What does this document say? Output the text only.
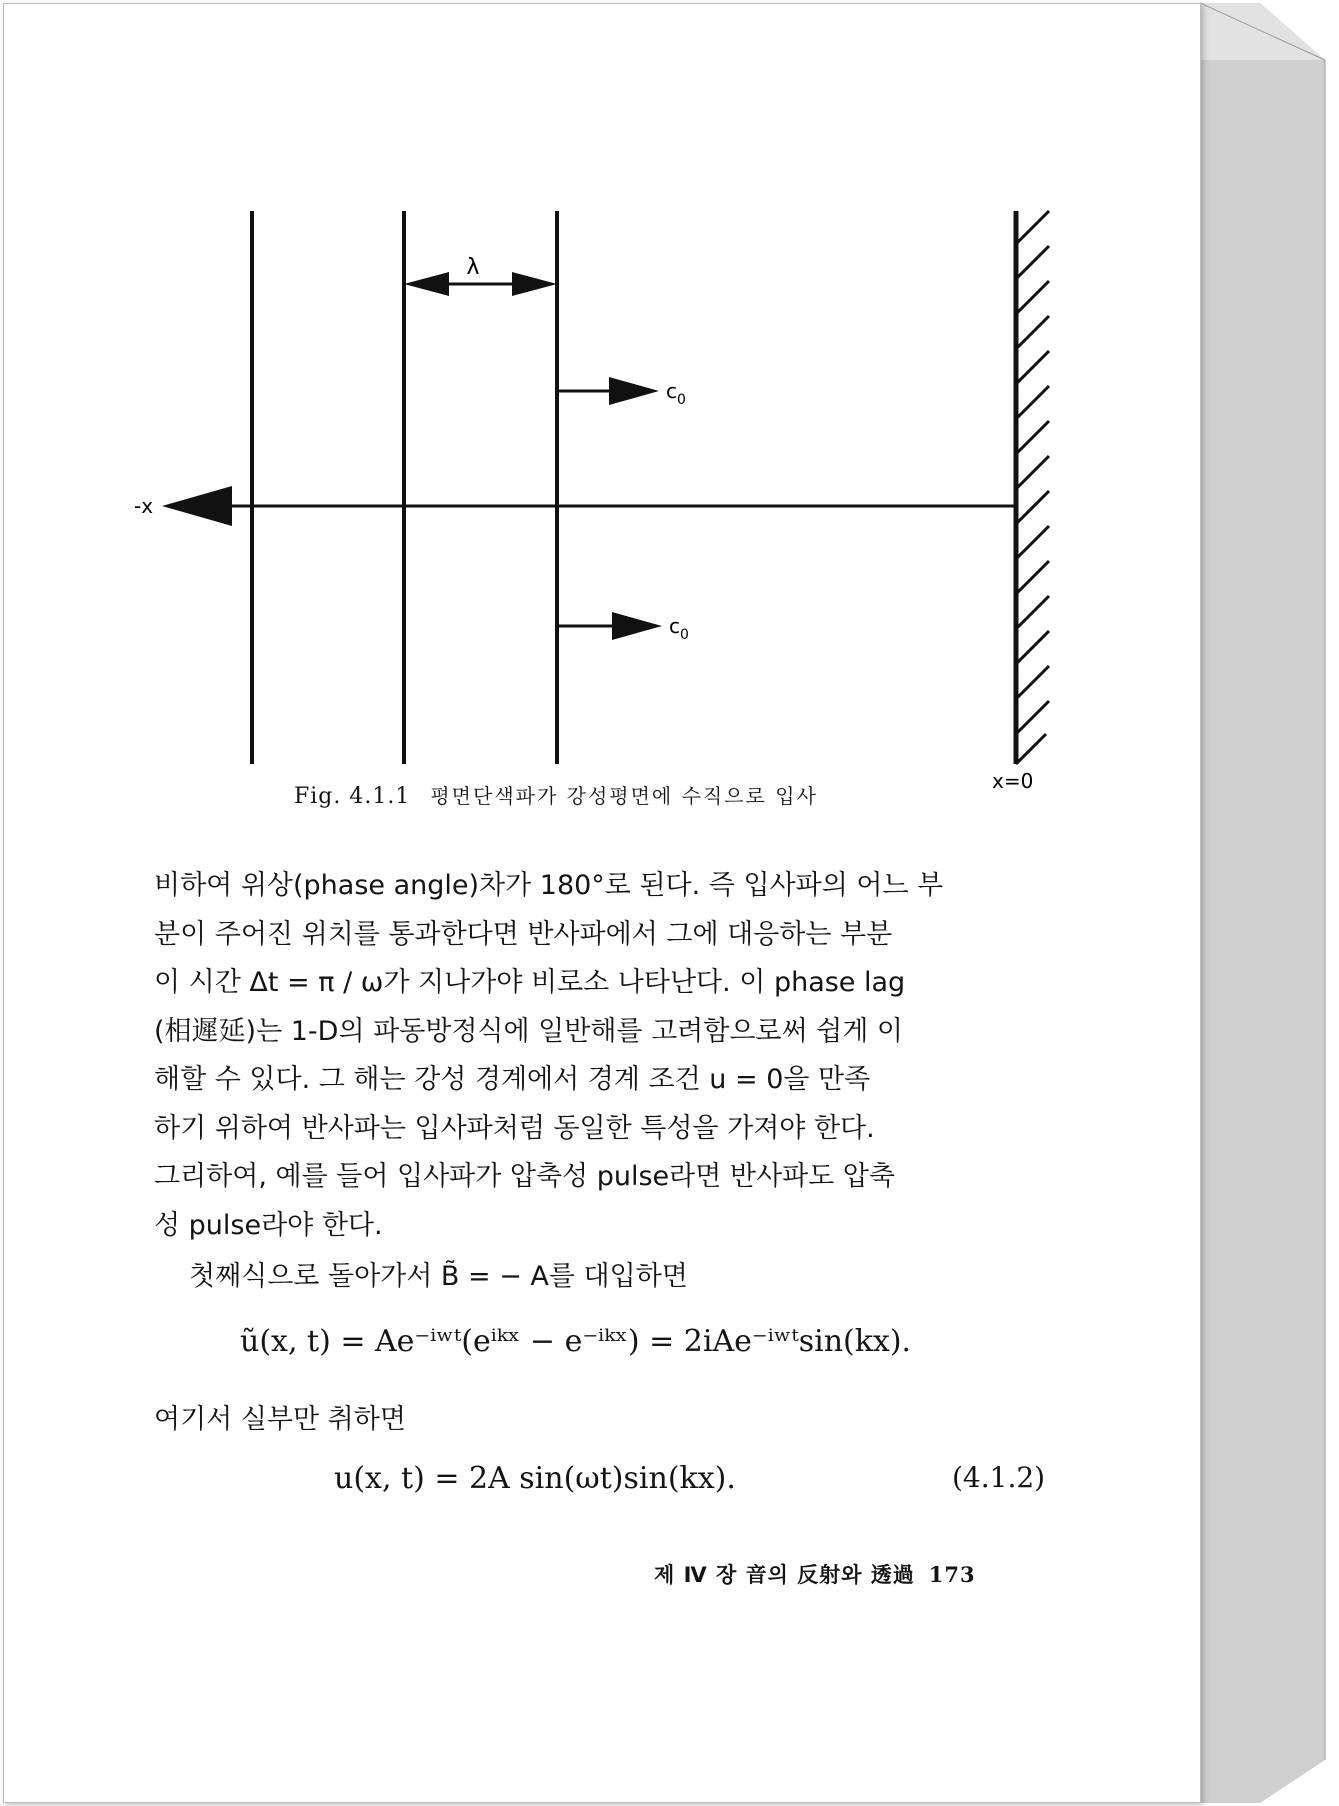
λ
$c_0$
$c_0$
-x
x=0
Fig. 4.1.1 평면단색파가 강성평면에 수직으로 입사

비하여 위상(phase angle)차가 180°로 된다. 즉 입사파의 어느 부

분이 주어진 위치를 통과한다면 반사파에서 그에 대응하는 부분

이 시간 Δt = π / ω가 지나가야 비로소 나타난다. 이 phase lag

(相遲延)는 1-D의 파동방정식에 일반해를 고려함으로써 쉽게 이

해할 수 있다. 그 해는 강성 경계에서 경계 조건 u = 0을 만족

하기 위하여 반사파는 입사파처럼 동일한 특성을 가져야 한다.

그리하여, 예를 들어 입사파가 압축성 pulse라면 반사파도 압축

성 pulse라야 한다.

첫째식으로 돌아가서 B̃ = − A를 대입하면
ũ(x, t) = Ae⁻ⁱʷᵗ(eⁱᵏˣ − e⁻ⁱᵏˣ) = 2iAe⁻ⁱʷᵗsin(kx).
여기서 실부만 취하면
u(x, t) = 2A sin(ωt)sin(kx).	(4.1.2)
제 Ⅳ 장 音의 反射와 透過 173
